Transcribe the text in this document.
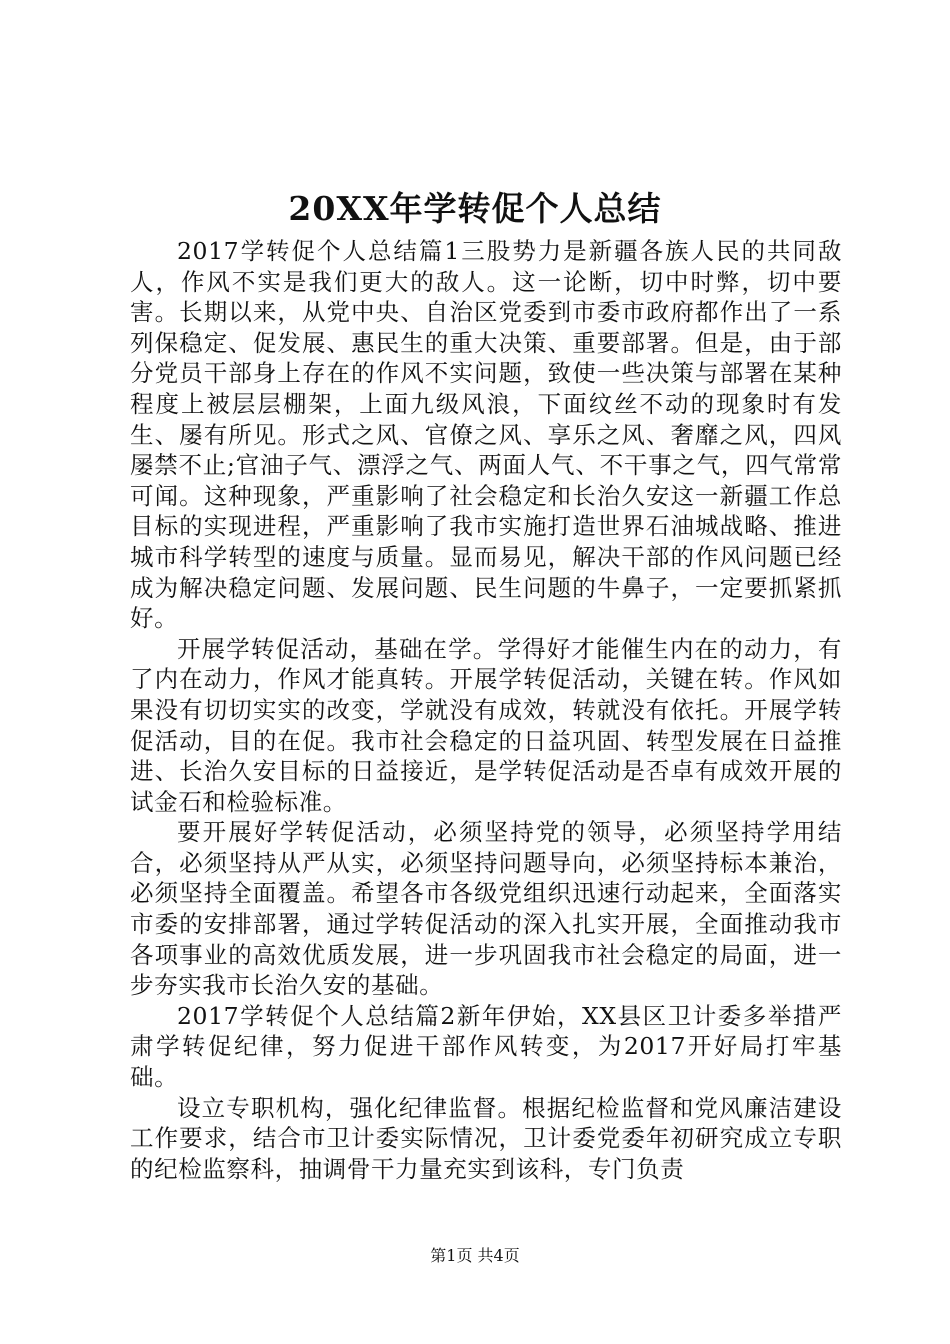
20XX年学转促个人总结

2017学转促个人总结篇1三股势力是新疆各族人民的共同敌人，作风不实是我们更大的敌人。这一论断，切中时弊，切中要害。长期以来，从党中央、自治区党委到市委市政府都作出了一系列保稳定、促发展、惠民生的重大决策、重要部署。但是，由于部分党员干部身上存在的作风不实问题，致使一些决策与部署在某种程度上被层层棚架，上面九级风浪，下面纹丝不动的现象时有发生、屡有所见。形式之风、官僚之风、享乐之风、奢靡之风，四风屡禁不止;官油子气、漂浮之气、两面人气、不干事之气，四气常常可闻。这种现象，严重影响了社会稳定和长治久安这一新疆工作总目标的实现进程，严重影响了我市实施打造世界石油城战略、推进城市科学转型的速度与质量。显而易见，解决干部的作风问题已经成为解决稳定问题、发展问题、民生问题的牛鼻子，一定要抓紧抓好。

开展学转促活动，基础在学。学得好才能催生内在的动力，有了内在动力，作风才能真转。开展学转促活动，关键在转。作风如果没有切切实实的改变，学就没有成效，转就没有依托。开展学转促活动，目的在促。我市社会稳定的日益巩固、转型发展在日益推进、长治久安目标的日益接近，是学转促活动是否卓有成效开展的试金石和检验标准。

要开展好学转促活动，必须坚持党的领导，必须坚持学用结合，必须坚持从严从实，必须坚持问题导向，必须坚持标本兼治，必须坚持全面覆盖。希望各市各级党组织迅速行动起来，全面落实市委的安排部署，通过学转促活动的深入扎实开展，全面推动我市各项事业的高效优质发展，进一步巩固我市社会稳定的局面，进一步夯实我市长治久安的基础。

2017学转促个人总结篇2新年伊始，XX县区卫计委多举措严肃学转促纪律，努力促进干部作风转变，为2017开好局打牢基础。

设立专职机构，强化纪律监督。根据纪检监督和党风廉洁建设工作要求，结合市卫计委实际情况，卫计委党委年初研究成立专职的纪检监察科，抽调骨干力量充实到该科，专门负责

第1页 共4页
